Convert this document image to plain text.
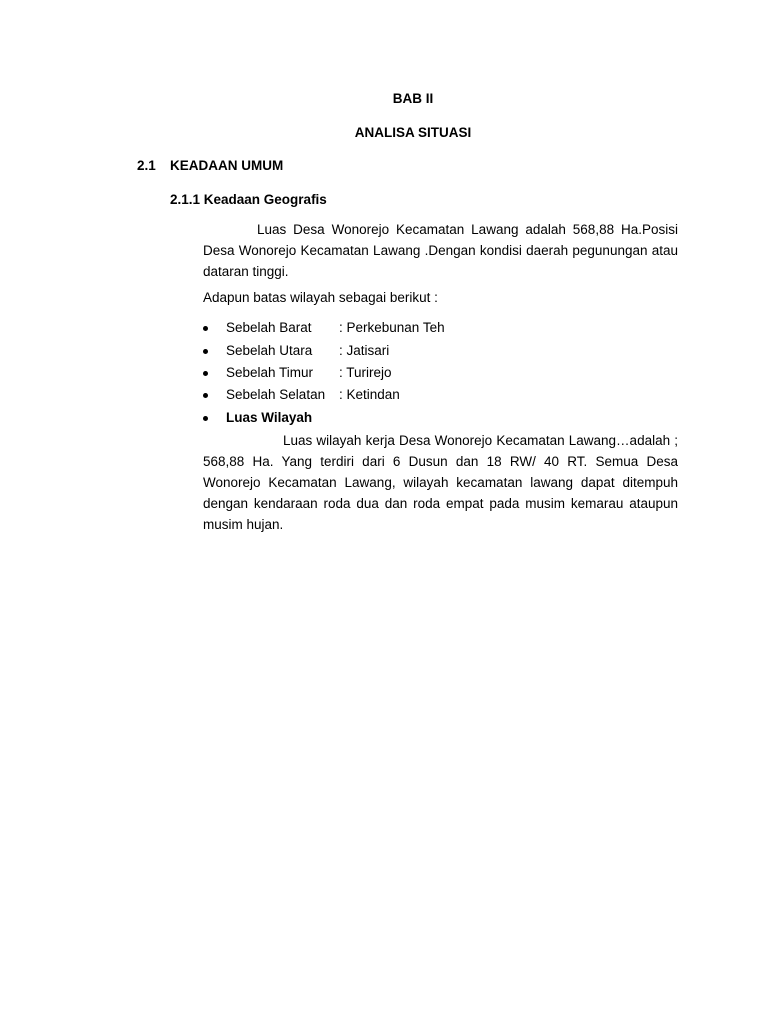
BAB II
ANALISA SITUASI
2.1 KEADAAN UMUM
2.1.1 Keadaan Geografis
Luas Desa Wonorejo Kecamatan Lawang adalah 568,88 Ha.Posisi Desa Wonorejo Kecamatan Lawang .Dengan kondisi daerah pegunungan atau dataran tinggi.
Adapun batas wilayah sebagai berikut :
Sebelah Barat : Perkebunan Teh
Sebelah Utara : Jatisari
Sebelah Timur : Turirejo
Sebelah Selatan : Ketindan
Luas Wilayah
Luas wilayah kerja Desa Wonorejo Kecamatan Lawang…adalah ; 568,88 Ha. Yang terdiri dari 6 Dusun dan 18 RW/ 40 RT. Semua Desa Wonorejo Kecamatan Lawang, wilayah kecamatan lawang dapat ditempuh dengan kendaraan roda dua dan roda empat pada musim kemarau ataupun musim hujan.
